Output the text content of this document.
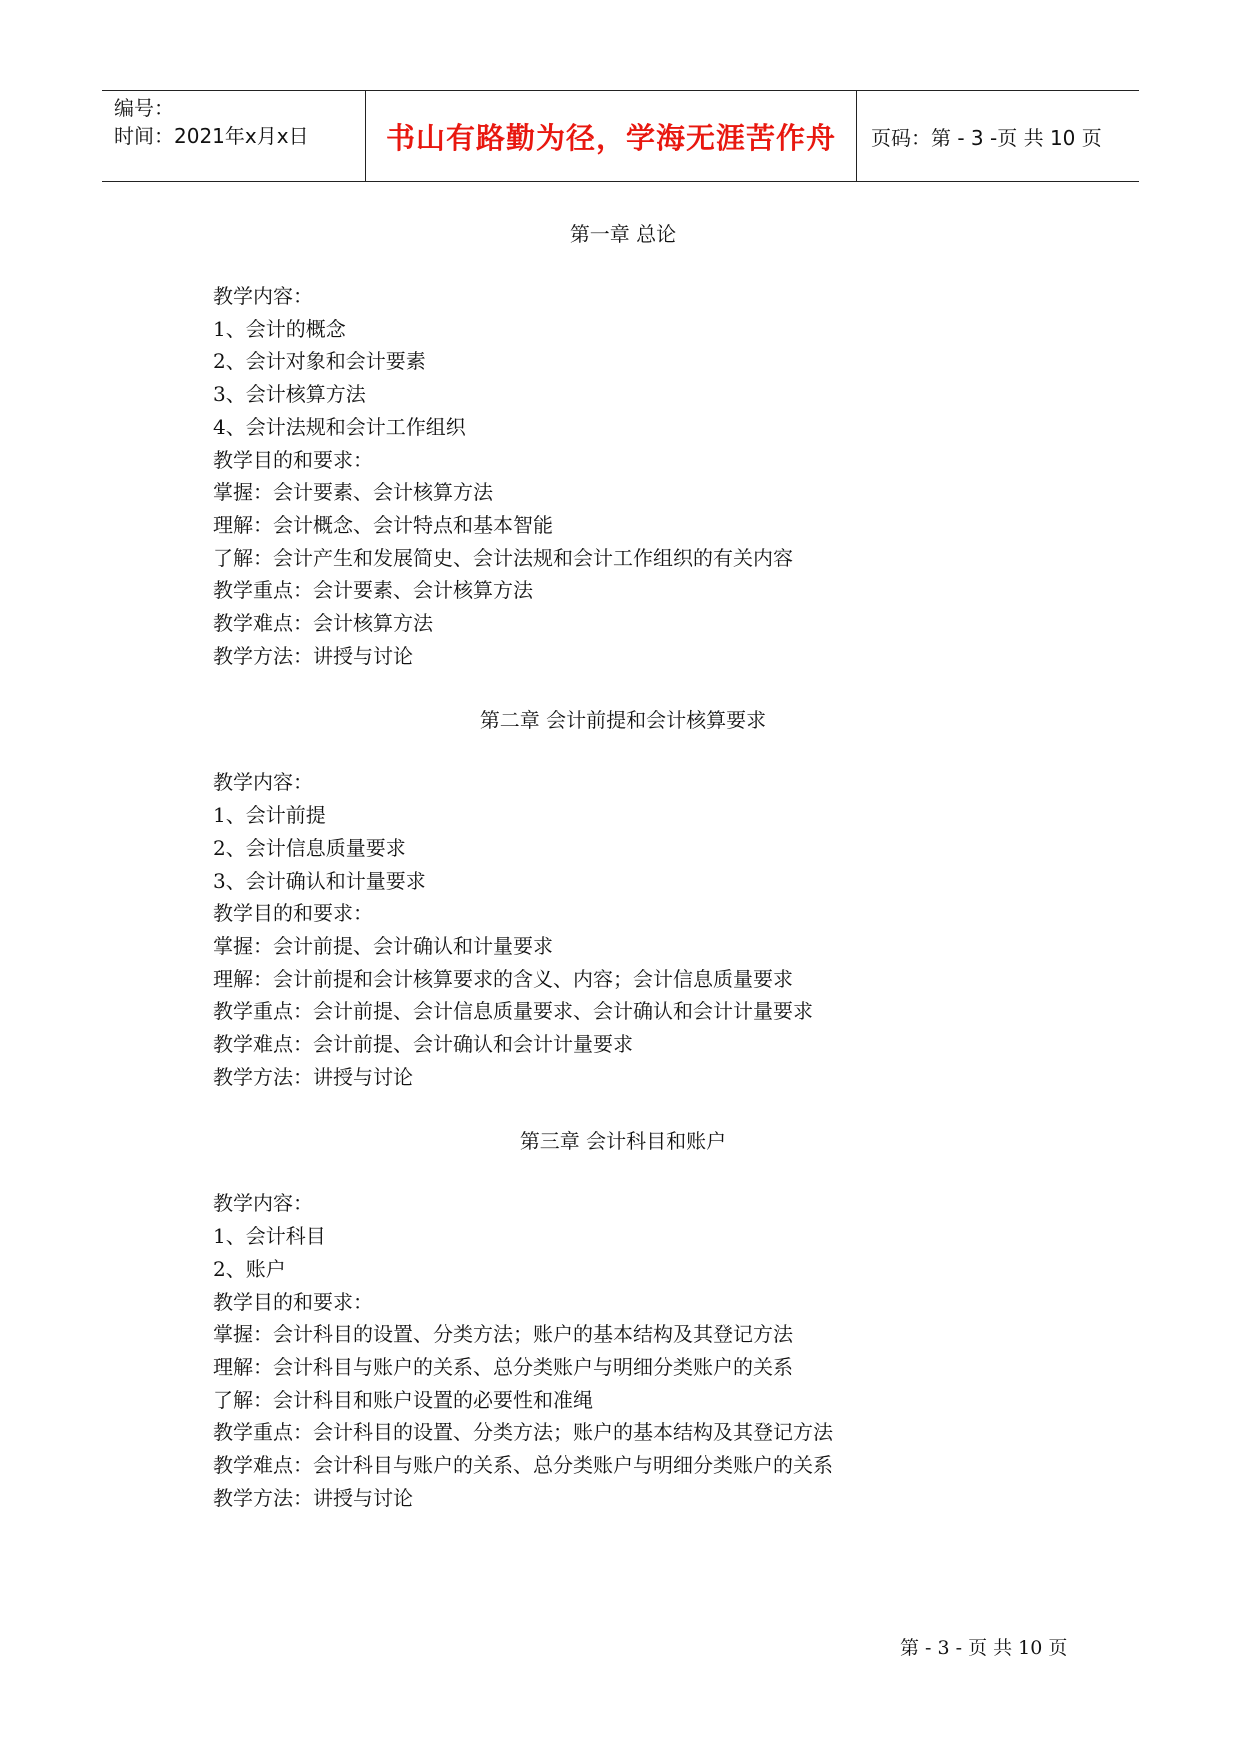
编号：
时间：2021年x月x日	书山有路勤为径，学海无涯苦作舟 页码：第 - 3 -页 共 10 页
第一章 总论
教学内容：
1、会计的概念
2、会计对象和会计要素
3、会计核算方法
4、会计法规和会计工作组织
教学目的和要求：
掌握：会计要素、会计核算方法
理解：会计概念、会计特点和基本智能
了解：会计产生和发展简史、会计法规和会计工作组织的有关内容
教学重点：会计要素、会计核算方法
教学难点：会计核算方法
教学方法：讲授与讨论
第二章 会计前提和会计核算要求
教学内容：
1、会计前提
2、会计信息质量要求
3、会计确认和计量要求
教学目的和要求：
掌握：会计前提、会计确认和计量要求
理解：会计前提和会计核算要求的含义、内容；会计信息质量要求
教学重点：会计前提、会计信息质量要求、会计确认和会计计量要求
教学难点：会计前提、会计确认和会计计量要求
教学方法：讲授与讨论
第三章 会计科目和账户
教学内容：
1、会计科目
2、账户
教学目的和要求：
掌握：会计科目的设置、分类方法；账户的基本结构及其登记方法
理解：会计科目与账户的关系、总分类账户与明细分类账户的关系
了解：会计科目和账户设置的必要性和准绳
教学重点：会计科目的设置、分类方法；账户的基本结构及其登记方法
教学难点：会计科目与账户的关系、总分类账户与明细分类账户的关系
教学方法：讲授与讨论
第 - 3 - 页 共 10 页
